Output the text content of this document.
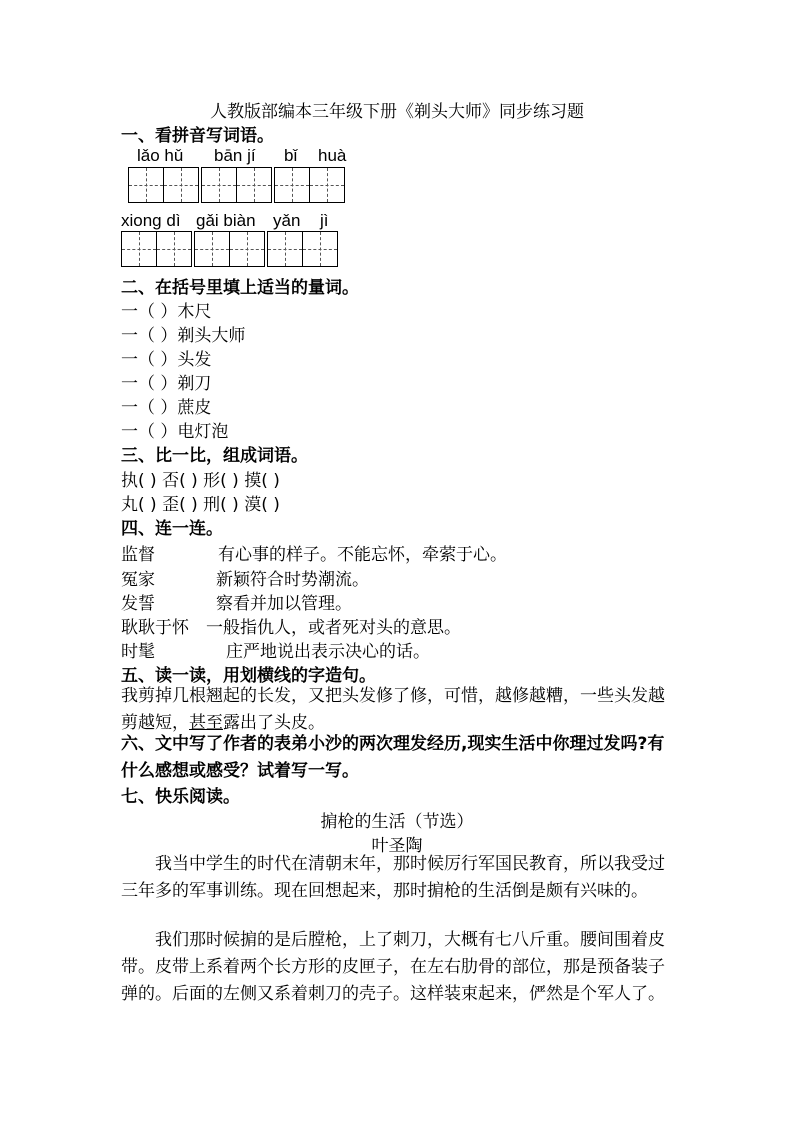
人教版部编本三年级下册《剃头大师》同步练习题
一、看拼音写词语。
lǎo hǔ bān jí bǐ huà
xiong dì gǎi biàn yǎn jì
二、在括号里填上适当的量词。
一（ ）木尺
一（ ）剃头大师
一（ ）头发
一（ ）剃刀
一（ ）蔗皮
一（ ）电灯泡
三、比一比，组成词语。
执( ) 否( ) 形( ) 摸( )
丸( ) 歪( ) 刑( ) 漠( )
四、连一连。
监督	有心事的样子。不能忘怀，牵萦于心。
冤家	新颖符合时势潮流。
发誓	察看并加以管理。
耿耿于怀 一般指仇人，或者死对头的意思。
时髦	庄严地说出表示决心的话。
五、读一读，用划横线的字造句。
我剪掉几根翘起的长发，又把头发修了修，可惜，越修越糟，一些头发越剪越短，甚至露出了头皮。
六、文中写了作者的表弟小沙的两次理发经历,现实生活中你理过发吗?有什么感想或感受？试着写一写。
七、快乐阅读。
掮枪的生活（节选）
叶圣陶
我当中学生的时代在清朝末年，那时候厉行军国民教育，所以我受过三年多的军事训练。现在回想起来，那时掮枪的生活倒是颇有兴味的。
我们那时候掮的是后膛枪，上了刺刀，大概有七八斤重。腰间围着皮带。皮带上系着两个长方形的皮匣子，在左右肋骨的部位，那是预备装子弹的。后面的左侧又系着刺刀的壳子。这样装束起来，俨然是个军人了。
